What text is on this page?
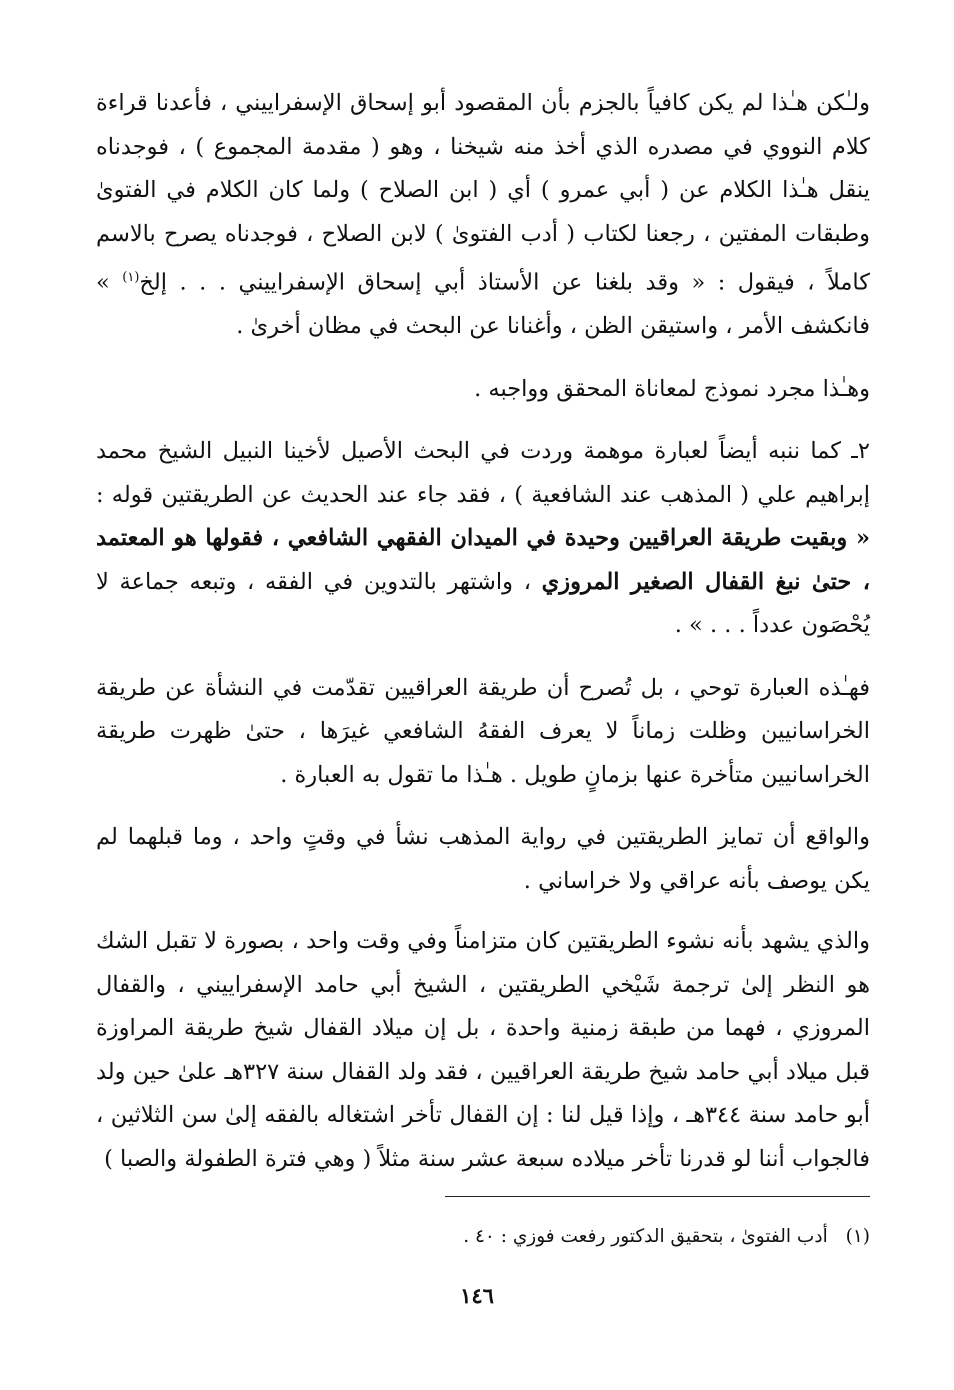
ولـٰكن هـٰذا لم يكن كافياً بالجزم بأن المقصود أبو إسحاق الإسفراييني ، فأعدنا قراءة كلام النووي في مصدره الذي أخذ منه شيخنا ، وهو ( مقدمة المجموع ) ، فوجدناه ينقل هـٰذا الكلام عن ( أبي عمرو ) أي ( ابن الصلاح ) ولما كان الكلام في الفتوىٰ وطبقات المفتين ، رجعنا لكتاب ( أدب الفتوىٰ ) لابن الصلاح ، فوجدناه يصرح بالاسم كاملاً ، فيقول : « وقد بلغنا عن الأستاذ أبي إسحاق الإسفراييني . . . إلخ$^{(١)}$ » فانكشف الأمر ، واستيقن الظن ، وأغنانا عن البحث في مظان أخرىٰ .

وهـٰذا مجرد نموذج لمعاناة المحقق وواجبه .

٢ـ كما ننبه أيضاً لعبارة موهمة وردت في البحث الأصيل لأخينا النبيل الشيخ محمد إبراهيم علي ( المذهب عند الشافعية ) ، فقد جاء عند الحديث عن الطريقتين قوله : « وبقيت طريقة العراقيين وحيدة في الميدان الفقهي الشافعي ، فقولها هو المعتمد ، حتىٰ نبغ القفال الصغير المروزي ، واشتهر بالتدوين في الفقه ، وتبعه جماعة لا يُحْصَون عدداً . . . » .

فهـٰذه العبارة توحي ، بل تُصرح أن طريقة العراقيين تقدّمت في النشأة عن طريقة الخراسانيين وظلت زماناً لا يعرف الفقهُ الشافعي غيرَها ، حتىٰ ظهرت طريقة الخراسانيين متأخرة عنها بزمانٍ طويل . هـٰذا ما تقول به العبارة .

والواقع أن تمايز الطريقتين في رواية المذهب نشأ في وقتٍ واحد ، وما قبلهما لم يكن يوصف بأنه عراقي ولا خراساني .

والذي يشهد بأنه نشوء الطريقتين كان متزامناً وفي وقت واحد ، بصورة لا تقبل الشك هو النظر إلىٰ ترجمة شَيْخي الطريقتين ، الشيخ أبي حامد الإسفراييني ، والقفال المروزي ، فهما من طبقة زمنية واحدة ، بل إن ميلاد القفال شيخ طريقة المراوزة قبل ميلاد أبي حامد شيخ طريقة العراقيين ، فقد ولد القفال سنة ٣٢٧هـ علىٰ حين ولد أبو حامد سنة ٣٤٤هـ ، وإذا قيل لنا : إن القفال تأخر اشتغاله بالفقه إلىٰ سن الثلاثين ، فالجواب أننا لو قدرنا تأخر ميلاده سبعة عشر سنة مثلاً ( وهي فترة الطفولة والصبا )

(١) أدب الفتوىٰ ، بتحقيق الدكتور رفعت فوزي : ٤٠ .
١٤٦
